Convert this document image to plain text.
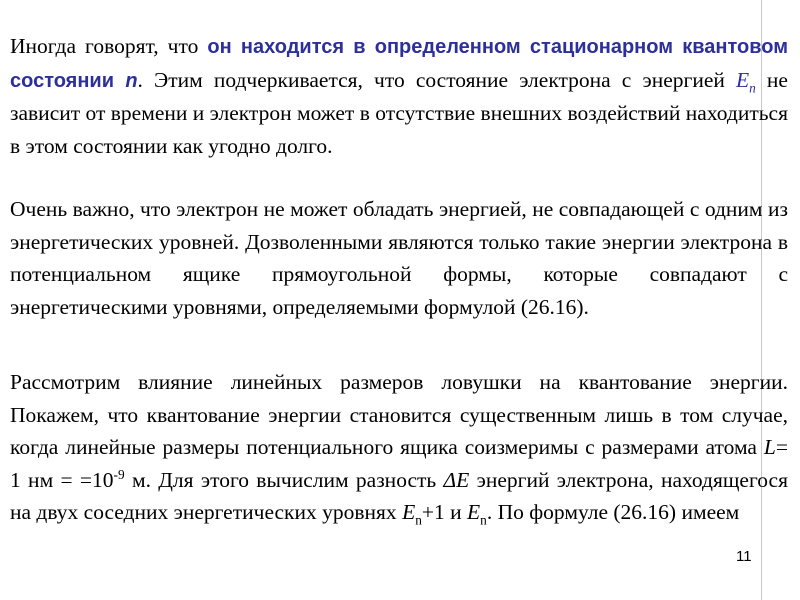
Иногда говорят, что он находится в определенном стационарном квантовом состоянии n. Этим подчеркивается, что состояние электрона с энергией $E_n$ не зависит от времени и электрон может в отсутствие внешних воздействий находиться в этом состоянии как угодно долго.
Очень важно, что электрон не может обладать энергией, не совпадающей с одним из энергетических уровней. Дозволенными являются только такие энергии электрона в потенциальном ящике прямоугольной формы, которые совпадают с энергетическими уровнями, определяемыми формулой (26.16).
Рассмотрим влияние линейных размеров ловушки на квантование энергии. Покажем, что квантование энергии становится существенным лишь в том случае, когда линейные размеры потенциального ящика соизмеримы с размерами атома L= 1 нм = $=10^{-9}$ м. Для этого вычислим разность ΔE энергий электрона, находящегося на двух соседних энергетических уровнях $E_n+1$ и $E_n$. По формуле (26.16) имеем
11
